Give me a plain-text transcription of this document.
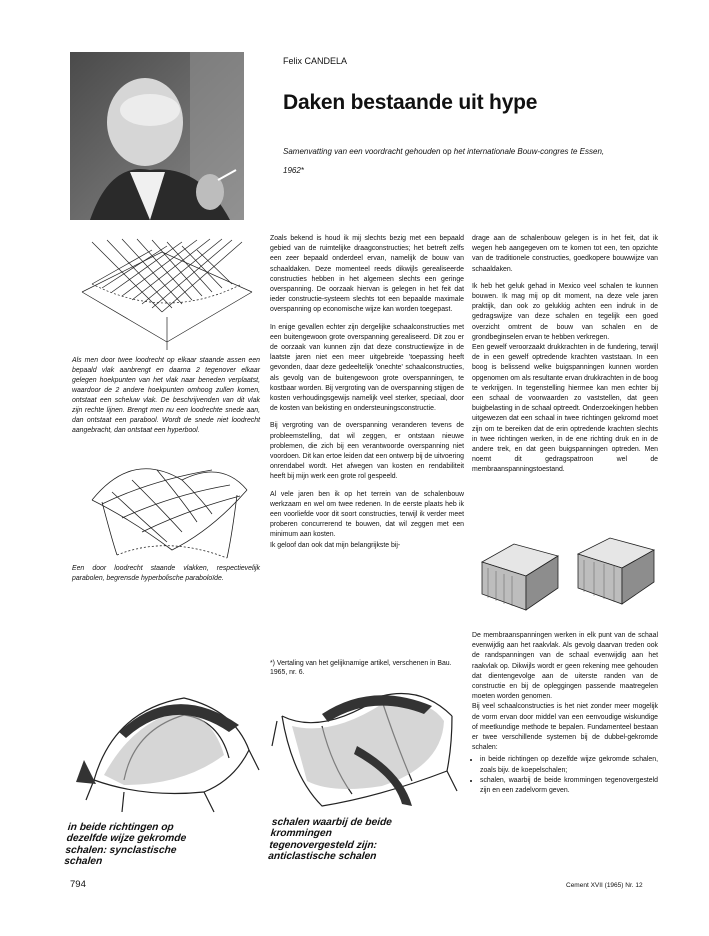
Felix CANDELA
Daken bestaande uit hype
Samenvatting van een voordracht gehouden op het internationale Bouw-congres te Essen, 1962*
Als men door twee loodrecht op elkaar staande assen een bepaald vlak aanbrengt en daarna 2 tegenover elkaar gelegen hoekpunten van het vlak naar beneden verplaatst, waardoor de 2 andere hoekpunten omhoog zullen komen, ontstaat een scheluw vlak. De beschrijvenden van dit vlak zijn rechte lijnen. Brengt men nu een loodrechte snede aan, dan ontstaat een parabool. Wordt de snede niet loodrecht aangebracht, dan ontstaat een hyperbool.
Een door loodrecht staande vlakken, respectievelijk parabolen, begrensde hyperbolische paraboloïde.
in beide richtingen op dezelfde wijze gekromde schalen: synclastische schalen
schalen waarbij de beide krommingen tegenovergesteld zijn: anticlastische schalen

Zoals bekend is houd ik mij slechts bezig met een bepaald gebied van de ruimtelijke draagconstructies; het betreft zelfs een zeer bepaald onderdeel ervan, namelijk de bouw van schaaldaken. Deze momenteel reeds dikwijls gerealiseerde constructies hebben in het algemeen slechts een geringe overspanning. De oorzaak hiervan is gelegen in het feit dat ieder constructie-systeem slechts tot een bepaalde maximale overspanning op economische wijze kan worden toegepast.

In enige gevallen echter zijn dergelijke schaalconstructies met een buitengewoon grote overspanning gerealiseerd. Dit zou er de oorzaak van kunnen zijn dat deze constructiewijze in de laatste jaren niet een meer uitgebreide 'toepassing heeft gevonden, daar deze gedeeltelijk 'onechte' schaalconstructies, als gevolg van de buitengewoon grote overspanningen, te kostbaar worden. Bij vergroting van de overspanning stijgen de kosten verhoudingsgewijs namelijk veel sterker, speciaal, door de kosten van bekisting en ondersteuningsconstructie.

Bij vergroting van de overspanning veranderen tevens de probleemstelling, dat wil zeggen, er ontstaan nieuwe problemen, die zich bij een verantwoorde overspanning niet voordoen. Dit kan ertoe leiden dat een ontwerp bij de uitvoering onrendabel wordt. Het afwegen van kosten en rendabiliteit heeft bij mijn werk een grote rol gespeeld.

Al vele jaren ben ik op het terrein van de schalenbouw werkzaam en wel om twee redenen. In de eerste plaats heb ik een voorliefde voor dit soort constructies, terwijl ik verder meet proberen concurrerend te bouwen, dat wil zeggen met een minimum aan kosten.

Ik geloof dan ook dat mijn belangrijkste bij-

*) Vertaling van het gelijknamige artikel, verschenen in Bau. 1965, nr. 6.

drage aan de schalenbouw gelegen is in het feit, dat ik wegen heb aangegeven om te komen tot een, ten opzichte van de traditionele constructies, goedkopere bouwwijze van schaaldaken.

Ik heb het geluk gehad in Mexico veel schalen te kunnen bouwen. Ik mag mij op dit moment, na deze vele jaren praktijk, dan ook zo gelukkig achten een indruk in de gedragswijze van deze schalen en tegelijk een goed overzicht omtrent de bouw van schalen en de grondbeginselen ervan te hebben verkregen.

Een gewelf veroorzaakt drukkrachten in de fundering, terwijl de in een gewelf optredende krachten vaststaan. In een boog is belissend welke buigspanningen kunnen worden opgenomen om als resultante ervan drukkrachten in de boog te verkrijgen. In tegenstelling hiermee kan men echter bij een schaal de voorwaarden zo vaststellen, dat geen buigbelasting in de schaal optreedt. Onderzoekingen hebben uitgewezen dat een schaal in twee richtingen gekromd moet zijn om te bereiken dat de erin optredende krachten slechts in twee richtingen werken, in de ene richting druk en in de andere trek, en dat geen buigspanningen optreden. Men noemt dit gedragspatroon wel de membraanspanningstoestand.

De membraanspanningen werken in elk punt van de schaal evenwijdig aan het raakvlak. Als gevolg daarvan treden ook de randspanningen van de schaal evenwijdig aan het raakvlak op. Dikwijls wordt er geen rekening mee gehouden dat dientengevolge aan de uiterste randen van de constructie en bij de opleggingen passende maatregelen moeten worden genomen.

Bij veel schaalconstructies is het niet zonder meer mogelijk de vorm ervan door middel van een eenvoudige wiskundige of meetkundige methode te bepalen. Fundamenteel bestaan er twee verschillende systemen bij de dubbel-gekromde schalen:

• in beide richtingen op dezelfde wijze gekromde schalen, zoals bijv. de koepelschalen;
• schalen, waarbij de beide krommingen tegenovergesteld zijn en een zadelvorm geven.
794	Cement XVII (1965) Nr. 12
